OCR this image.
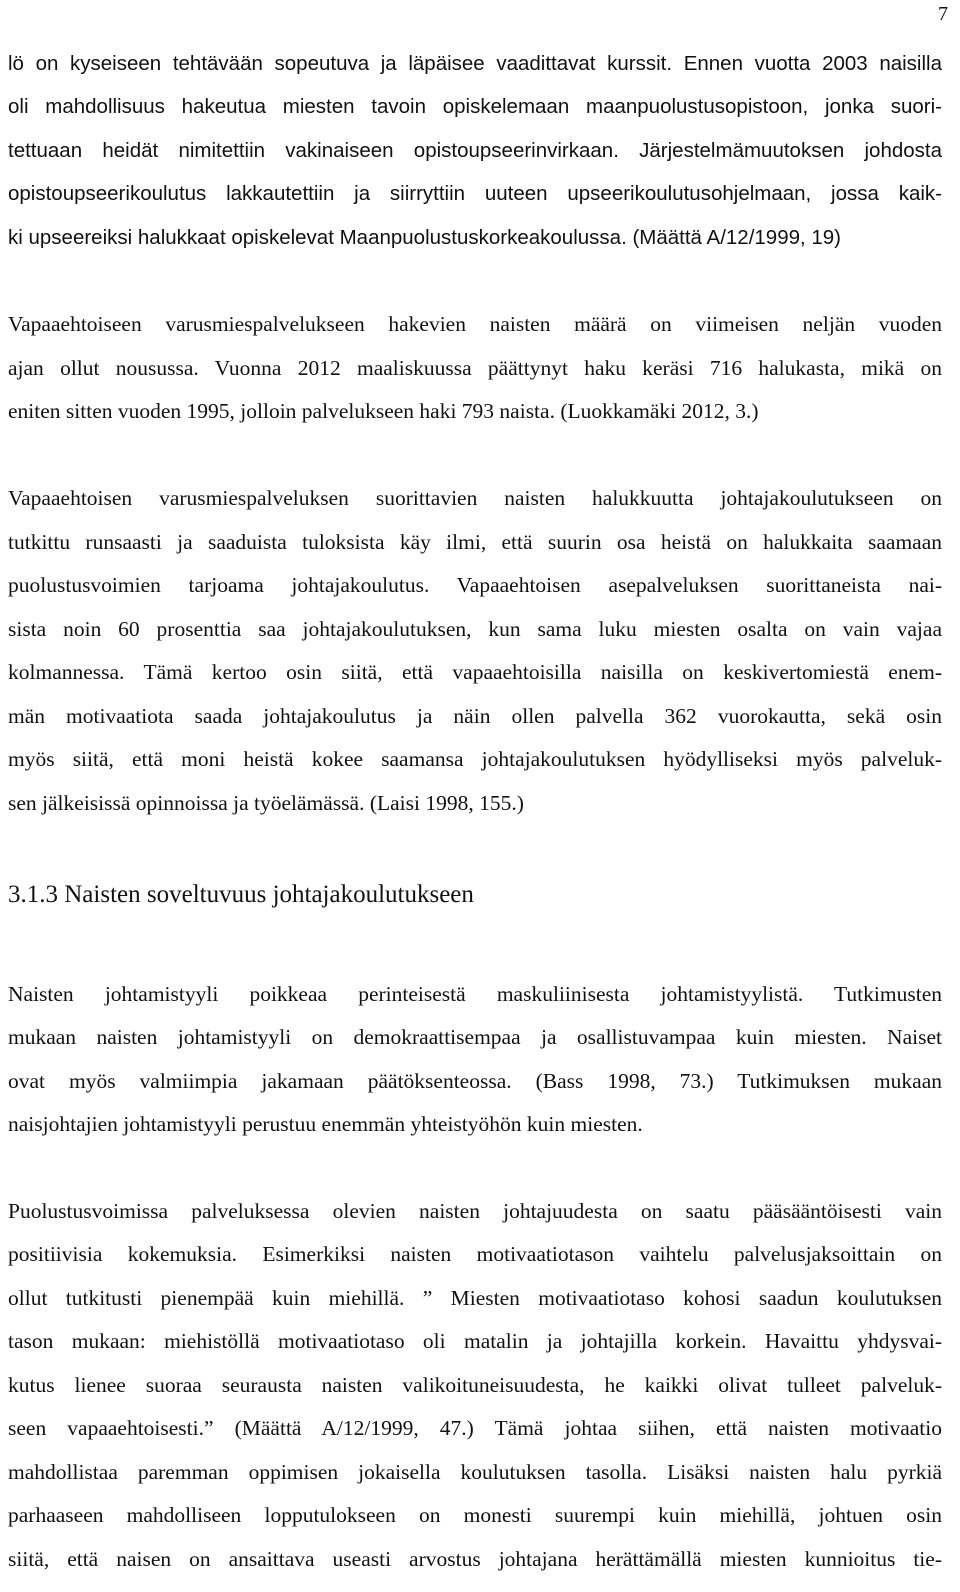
7
lö on kyseiseen tehtävään sopeutuva ja läpäisee vaadittavat kurssit. Ennen vuotta 2003 naisilla
oli mahdollisuus hakeutua miesten tavoin opiskelemaan maanpuolustusopistoon, jonka suori-
tettuaan heidät nimitettiin vakinaiseen opistoupseerinvirkaan. Järjestelmämuutoksen johdosta
opistoupseerikoulutus lakkautettiin ja siirryttiin uuteen upseerikoulutusohjelmaan, jossa kaik-
ki upseereiksi halukkaat opiskelevat Maanpuolustuskorkeakoulussa. (Määttä A/12/1999, 19)
Vapaaehtoiseen varusmiespalvelukseen hakevien naisten määrä on viimeisen neljän vuoden
ajan ollut nousussa. Vuonna 2012 maaliskuussa päättynyt haku keräsi 716 halukasta, mikä on
eniten sitten vuoden 1995, jolloin palvelukseen haki 793 naista. (Luokkamäki 2012, 3.)
Vapaaehtoisen varusmiespalveluksen suorittavien naisten halukkuutta johtajakoulutukseen on
tutkittu runsaasti ja saaduista tuloksista käy ilmi, että suurin osa heistä on halukkaita saamaan
puolustusvoimien tarjoama johtajakoulutus. Vapaaehtoisen asepalveluksen suorittaneista nai-
sista noin 60 prosenttia saa johtajakoulutuksen, kun sama luku miesten osalta on vain vajaa
kolmannessa. Tämä kertoo osin siitä, että vapaaehtoisilla naisilla on keskivertomiestä enem-
män motivaatiota saada johtajakoulutus ja näin ollen palvella 362 vuorokautta, sekä osin
myös siitä, että moni heistä kokee saamansa johtajakoulutuksen hyödylliseksi myös palveluk-
sen jälkeisissä opinnoissa ja työelämässä. (Laisi 1998, 155.)
3.1.3 Naisten soveltuvuus johtajakoulutukseen
Naisten johtamistyyli poikkeaa perinteisestä maskuliinisesta johtamistyylistä. Tutkimusten
mukaan naisten johtamistyyli on demokraattisempaa ja osallistuvampaa kuin miesten. Naiset
ovat myös valmiimpia jakamaan päätöksenteossa. (Bass 1998, 73.) Tutkimuksen mukaan
naisjohtajien johtamistyyli perustuu enemmän yhteistyöhön kuin miesten.
Puolustusvoimissa palveluksessa olevien naisten johtajuudesta on saatu pääsääntöisesti vain
positiivisia kokemuksia. Esimerkiksi naisten motivaatiotason vaihtelu palvelusjaksoittain on
ollut tutkitusti pienempää kuin miehillä. ” Miesten motivaatiotaso kohosi saadun koulutuksen
tason mukaan: miehistöllä motivaatiotaso oli matalin ja johtajilla korkein. Havaittu yhdysvai-
kutus lienee suoraa seurausta naisten valikoituneisuudesta, he kaikki olivat tulleet palveluk-
seen vapaaehtoisesti.” (Määttä A/12/1999, 47.) Tämä johtaa siihen, että naisten motivaatio
mahdollistaa paremman oppimisen jokaisella koulutuksen tasolla. Lisäksi naisten halu pyrkiä
parhaaseen mahdolliseen lopputulokseen on monesti suurempi kuin miehillä, johtuen osin
siitä, että naisen on ansaittava useasti arvostus johtajana herättämällä miesten kunnioitus tie-
